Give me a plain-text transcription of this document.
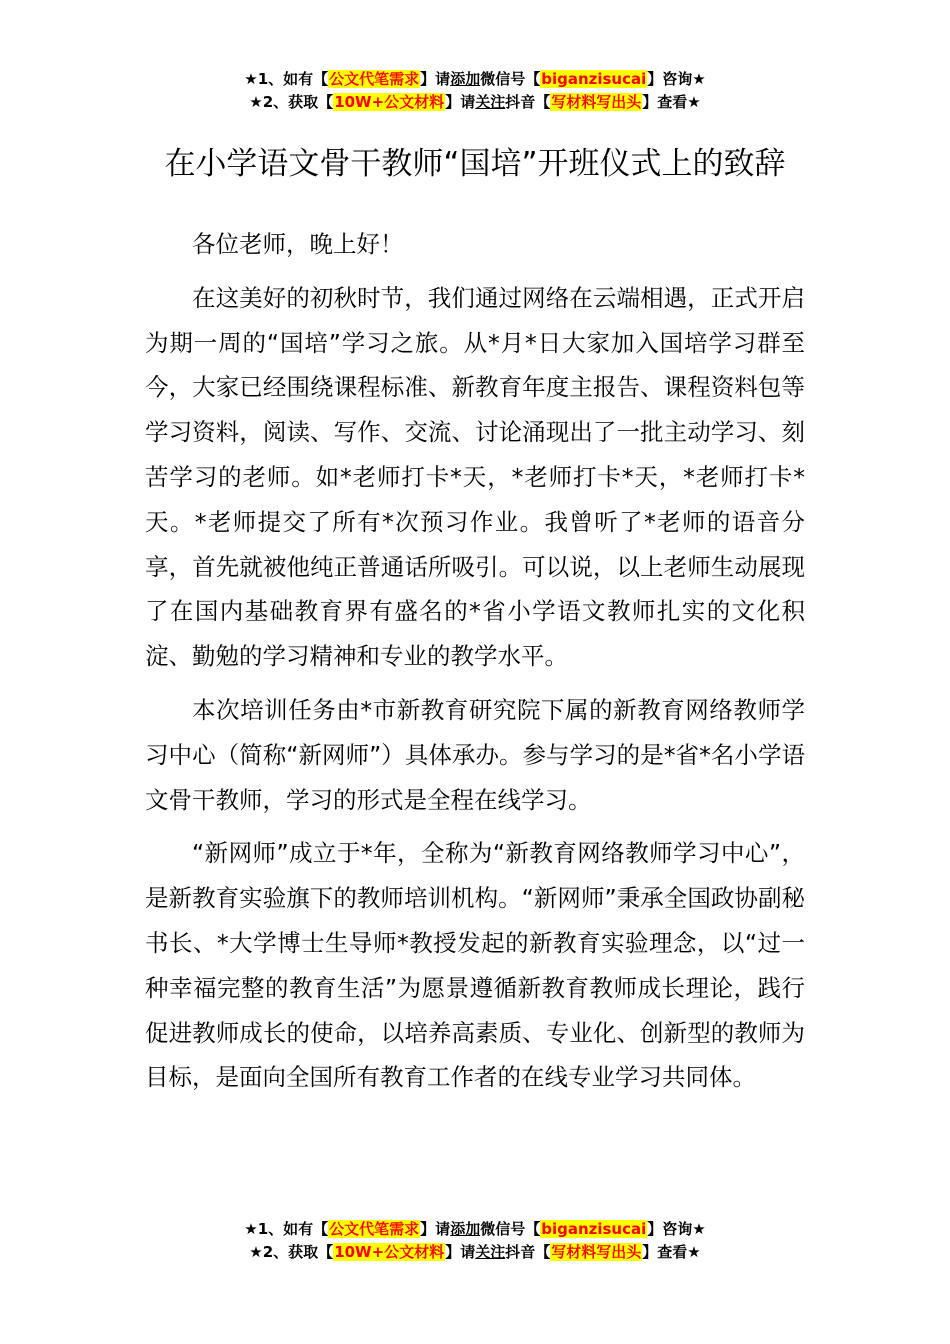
★1、如有【公文代笔需求】请添加微信号【biganzisucai】咨询★
★2、获取【10W+公文材料】请关注抖音【写材料写出头】查看★
在小学语文骨干教师“国培”开班仪式上的致辞

各位老师，晚上好！

在这美好的初秋时节，我们通过网络在云端相遇，正式开启为期一周的“国培”学习之旅。从*月*日大家加入国培学习群至今，大家已经围绕课程标准、新教育年度主报告、课程资料包等学习资料，阅读、写作、交流、讨论涌现出了一批主动学习、刻苦学习的老师。如*老师打卡*天，*老师打卡*天，*老师打卡*天。*老师提交了所有*次预习作业。我曾听了*老师的语音分享，首先就被他纯正普通话所吸引。可以说，以上老师生动展现了在国内基础教育界有盛名的*省小学语文教师扎实的文化积淀、勤勉的学习精神和专业的教学水平。

本次培训任务由*市新教育研究院下属的新教育网络教师学习中心（简称“新网师”）具体承办。参与学习的是*省*名小学语文骨干教师，学习的形式是全程在线学习。

“新网师”成立于*年，全称为“新教育网络教师学习中心”，是新教育实验旗下的教师培训机构。“新网师”秉承全国政协副秘书长、*大学博士生导师*教授发起的新教育实验理念，以“过一种幸福完整的教育生活”为愿景遵循新教育教师成长理论，践行促进教师成长的使命，以培养高素质、专业化、创新型的教师为目标，是面向全国所有教育工作者的在线专业学习共同体。

★1、如有【公文代笔需求】请添加微信号【biganzisucai】咨询★
★2、获取【10W+公文材料】请关注抖音【写材料写出头】查看★
